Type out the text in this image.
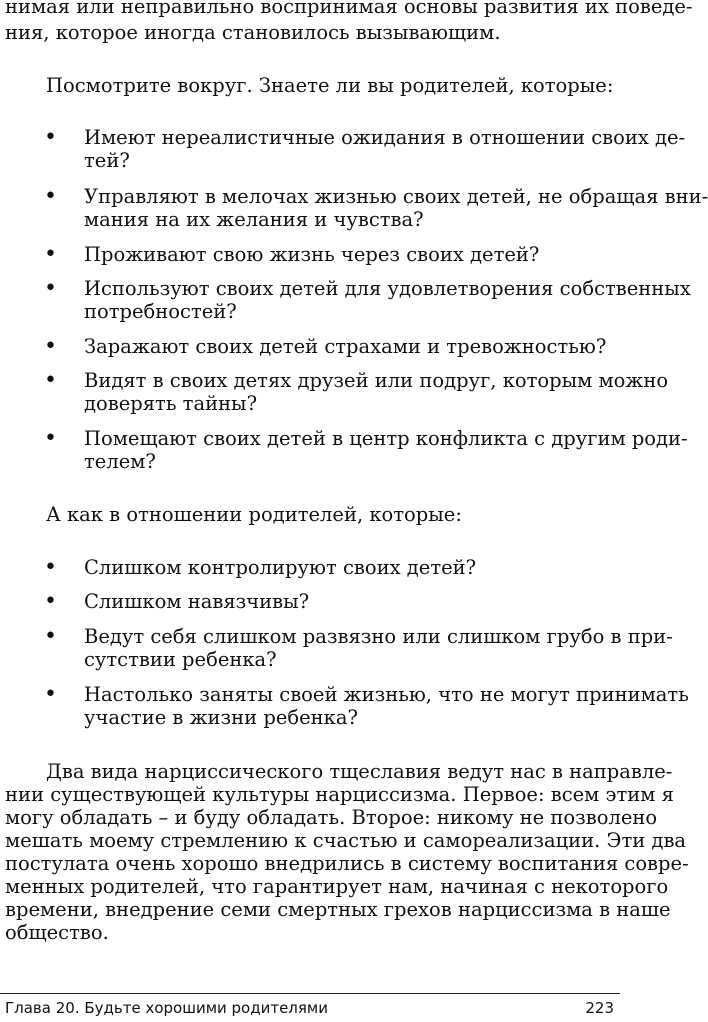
нимая или неправильно воспринимая основы развития их поведе-
ния, которое иногда становилось вызывающим.
Посмотрите вокруг. Знаете ли вы родителей, которые:
• Имеют нереалистичные ожидания в отношении своих де-
тей?
• Управляют в мелочах жизнью своих детей, не обращая вни-
мания на их желания и чувства?
• Проживают свою жизнь через своих детей?
• Используют своих детей для удовлетворения собственных
потребностей?
• Заражают своих детей страхами и тревожностью?
• Видят в своих детях друзей или подруг, которым можно
доверять тайны?
• Помещают своих детей в центр конфликта с другим роди-
телем?
А как в отношении родителей, которые:
• Слишком контролируют своих детей?
• Слишком навязчивы?
• Ведут себя слишком развязно или слишком грубо в при-
сутствии ребенка?
• Настолько заняты своей жизнью, что не могут принимать
участие в жизни ребенка?
Два вида нарциссического тщеславия ведут нас в направле-
нии существующей культуры нарциссизма. Первое: всем этим я
могу обладать – и буду обладать. Второе: никому не позволено
мешать моему стремлению к счастью и самореализации. Эти два
постулата очень хорошо внедрились в систему воспитания совре-
менных родителей, что гарантирует нам, начиная с некоторого
времени, внедрение семи смертных грехов нарциссизма в наше
общество.
Глава 20. Будьте хорошими родителями	223
